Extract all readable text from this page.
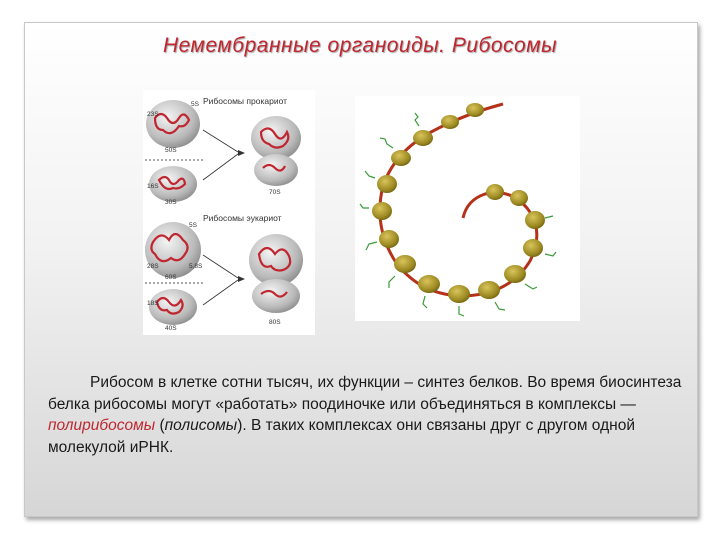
Немембранные органоиды. Рибосомы
Рибосомы прокариот
23S
5S
50S
16S
30S
70S
Рибосомы эукариот
5S
28S	5,8S
60S
18S
40S
80S

Рибосом в клетке сотни тысяч, их функции – синтез белков. Во время биосинтеза белка рибосомы могут «работать» поодиночке или объединяться в комплексы — полирибосомы (полисомы). В таких комплексах они связаны друг с другом одной молекулой иРНК.
